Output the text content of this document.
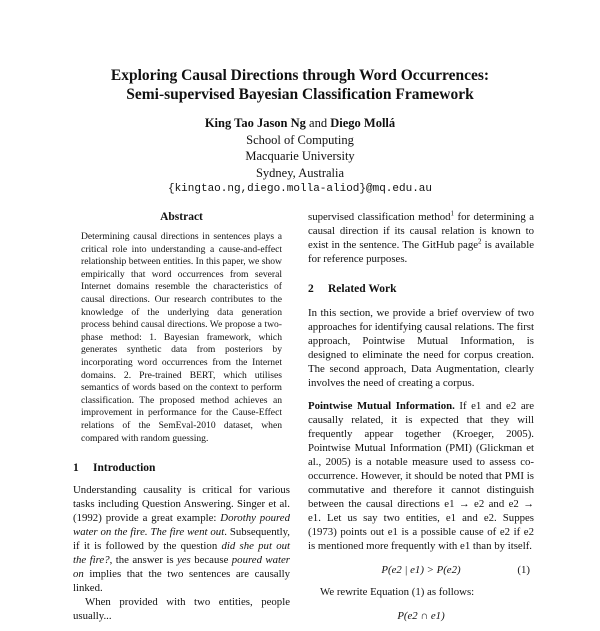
Exploring Causal Directions through Word Occurrences:
Semi-supervised Bayesian Classification Framework
King Tao Jason Ng and Diego Mollá
School of Computing
Macquarie University
Sydney, Australia
{kingtao.ng,diego.molla-aliod}@mq.edu.au

Abstract

Determining causal directions in sentences plays a critical role into understanding a cause-and-effect relationship between entities. In this paper, we show empirically that word occurrences from several Internet domains resemble the characteristics of causal directions. Our research contributes to the knowledge of the underlying data generation process behind causal directions. We propose a two-phase method: 1. Bayesian framework, which generates synthetic data from posteriors by incorporating word occurrences from the Internet domains. 2. Pre-trained BERT, which utilises semantics of words based on the context to perform classification. The proposed method achieves an improvement in performance for the Cause-Effect relations of the SemEval-2010 dataset, when compared with random guessing.

1 Introduction

Understanding causality is critical for various tasks including Question Answering. Singer et al. (1992) provide a great example: Dorothy poured water on the fire. The fire went out. Subsequently, if it is followed by the question did she put out the fire?, the answer is yes because poured water on implies that the two sentences are causally linked.

When provided with two entities, people usually...

supervised classification method$^1$ for determining a causal direction if its causal relation is known to exist in the sentence. The GitHub page$^2$ is available for reference purposes.

2 Related Work

In this section, we provide a brief overview of two approaches for identifying causal relations. The first approach, Pointwise Mutual Information, is designed to eliminate the need for corpus creation. The second approach, Data Augmentation, clearly involves the need of creating a corpus.

Pointwise Mutual Information. If e1 and e2 are causally related, it is expected that they will frequently appear together (Kroeger, 2005). Pointwise Mutual Information (PMI) (Glickman et al., 2005) is a notable measure used to assess co-occurrence. However, it should be noted that PMI is commutative and therefore it cannot distinguish between the causal directions e1 → e2 and e2 → e1. Let us say two entities, e1 and e2. Suppes (1973) points out e1 is a possible cause of e2 if e2 is mentioned more frequently with e1 than by itself.

P(e2 | e1) > P(e2)	(1)

We rewrite Equation (1) as follows:

P(e2 ∩ e1)
